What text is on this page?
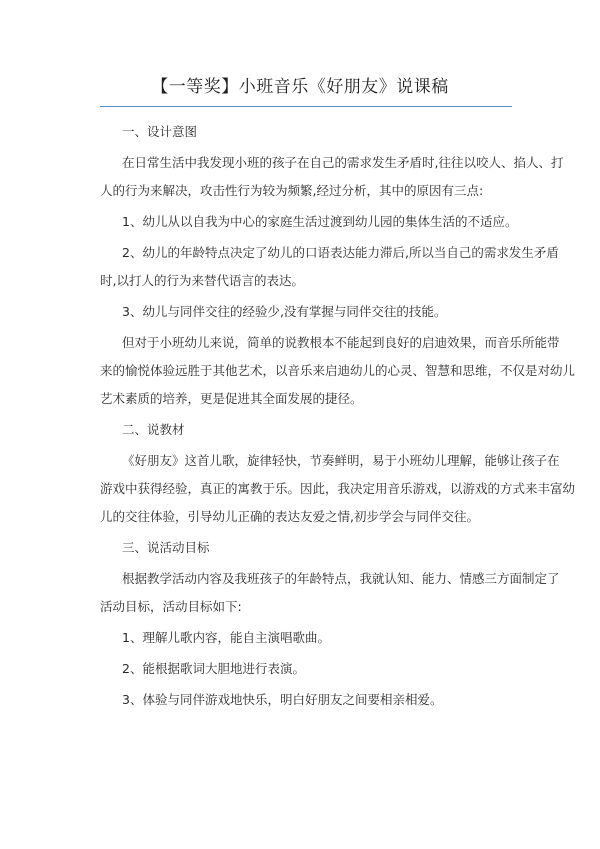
【一等奖】小班音乐《好朋友》说课稿

一、设计意图

在日常生活中我发现小班的孩子在自己的需求发生矛盾时,往往以咬人、掐人、打

人的行为来解决，攻击性行为较为频繁,经过分析，其中的原因有三点:

1、幼儿从以自我为中心的家庭生活过渡到幼儿园的集体生活的不适应。

2、幼儿的年龄特点决定了幼儿的口语表达能力滞后,所以当自己的需求发生矛盾

时,以打人的行为来替代语言的表达。

3、幼儿与同伴交往的经验少,没有掌握与同伴交往的技能。

但对于小班幼儿来说，简单的说教根本不能起到良好的启迪效果，而音乐所能带

来的愉悦体验远胜于其他艺术，以音乐来启迪幼儿的心灵、智慧和思维，不仅是对幼儿

艺术素质的培养，更是促进其全面发展的捷径。

二、说教材

《好朋友》这首儿歌，旋律轻快，节奏鲜明，易于小班幼儿理解，能够让孩子在

游戏中获得经验，真正的寓教于乐。因此，我决定用音乐游戏，以游戏的方式来丰富幼

儿的交往体验，引导幼儿正确的表达友爱之情,初步学会与同伴交往。

三、说活动目标

根据教学活动内容及我班孩子的年龄特点，我就认知、能力、情感三方面制定了

活动目标，活动目标如下:

1、理解儿歌内容，能自主演唱歌曲。

2、能根据歌词大胆地进行表演。

3、体验与同伴游戏地快乐，明白好朋友之间要相亲相爱。
